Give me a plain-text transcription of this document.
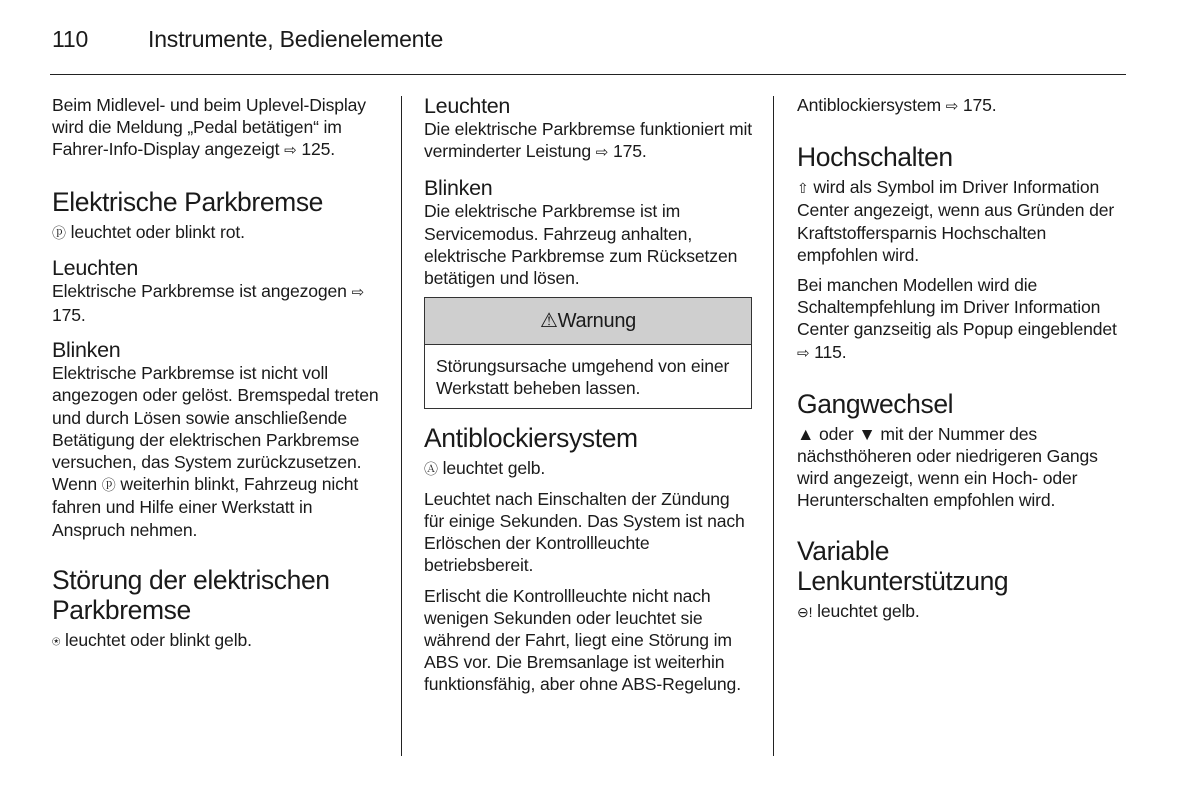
110	Instrumente, Bedienelemente

Beim Midlevel- und beim Uplevel-Display wird die Meldung „Pedal betätigen“ im Fahrer-Info-Display angezeigt ⇨ 125.

Elektrische Parkbremse

ⓟ leuchtet oder blinkt rot.

Leuchten

Elektrische Parkbremse ist angezogen ⇨ 175.

Blinken

Elektrische Parkbremse ist nicht voll angezogen oder gelöst. Bremspedal treten und durch Lösen sowie anschließende Betätigung der elektrischen Parkbremse versuchen, das System zurückzusetzen. Wenn ⓟ weiterhin blinkt, Fahrzeug nicht fahren und Hilfe einer Werkstatt in Anspruch nehmen.

Störung der elektrischen Parkbremse

⍟ leuchtet oder blinkt gelb.

Leuchten

Die elektrische Parkbremse funktioniert mit verminderter Leistung ⇨ 175.

Blinken

Die elektrische Parkbremse ist im Servicemodus. Fahrzeug anhalten, elektrische Parkbremse zum Rücksetzen betätigen und lösen.

⚠Warnung
Störungsursache umgehend von einer Werkstatt beheben lassen.
Antiblockiersystem

Ⓐ leuchtet gelb.

Leuchtet nach Einschalten der Zündung für einige Sekunden. Das System ist nach Erlöschen der Kontrollleuchte betriebsbereit.

Erlischt die Kontrollleuchte nicht nach wenigen Sekunden oder leuchtet sie während der Fahrt, liegt eine Störung im ABS vor. Die Bremsanlage ist weiterhin funktionsfähig, aber ohne ABS-Regelung.

Antiblockiersystem ⇨ 175.

Hochschalten

⇧ wird als Symbol im Driver Information Center angezeigt, wenn aus Gründen der Kraftstoffersparnis Hochschalten empfohlen wird.

Bei manchen Modellen wird die Schaltempfehlung im Driver Information Center ganzseitig als Popup eingeblendet ⇨ 115.

Gangwechsel

▲ oder ▼ mit der Nummer des nächsthöheren oder niedrigeren Gangs wird angezeigt, wenn ein Hoch- oder Herunterschalten empfohlen wird.

Variable
Lenkunterstützung

⊖! leuchtet gelb.
